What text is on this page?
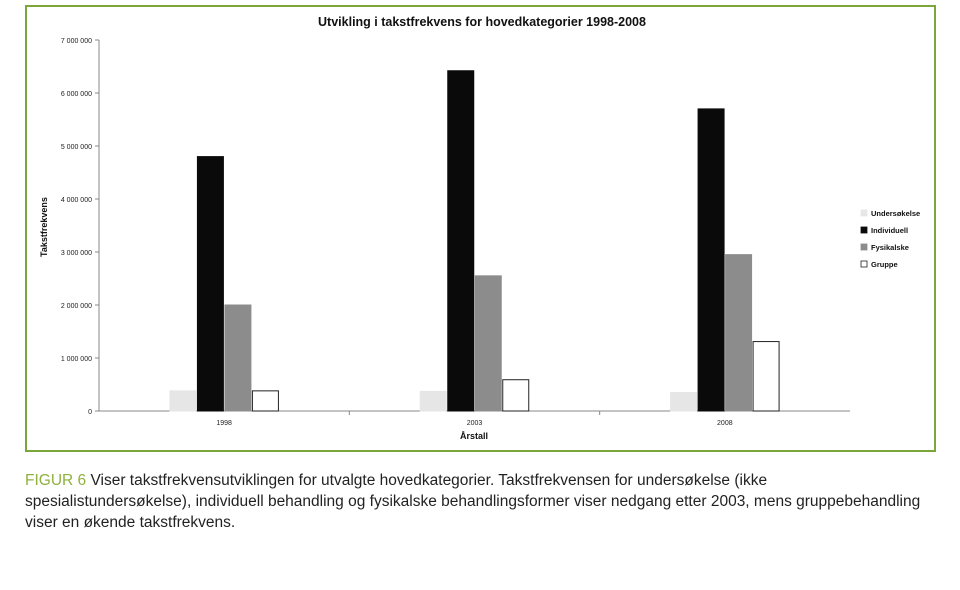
Utvikling i takstfrekvens for hovedkategorier 1998-2008
0
1 000 000
2 000 000
3 000 000
4 000 000
5 000 000
6 000 000
7 000 000
1998	2003	2008
Takstfrekvens
Årstall
Undersøkelse
Individuell
Fysikalske
Gruppe
FIGUR 6 Viser takstfrekvensutviklingen for utvalgte hovedkategorier. Takstfrekvensen for undersøkelse (ikke spesialistundersøkelse), individuell behandling og fysikalske behandlingsformer viser nedgang etter 2003, mens gruppebehandling viser en økende takstfrekvens.
